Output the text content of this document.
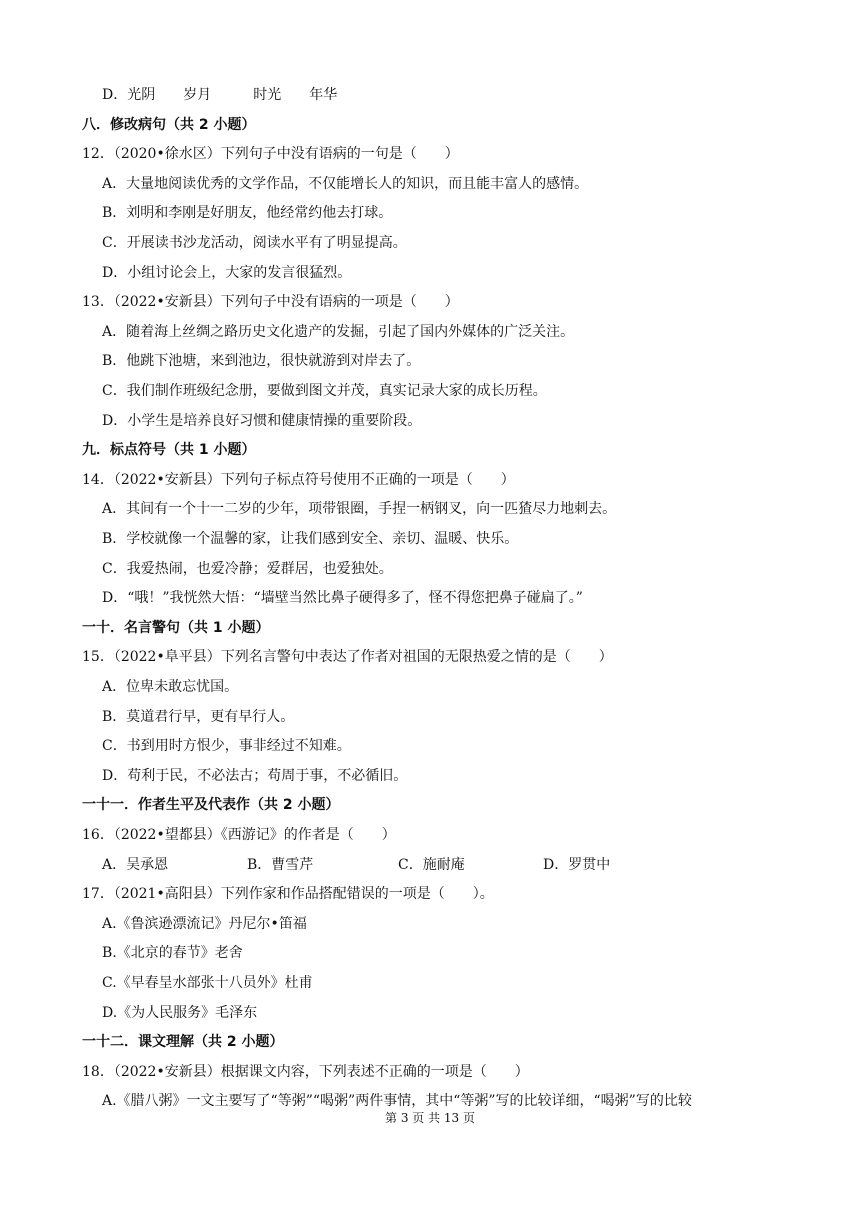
D．光阴　　岁月　　　时光　　年华
八．修改病句（共 2 小题）
12．（2020•徐水区）下列句子中没有语病的一句是（　　）
A．大量地阅读优秀的文学作品，不仅能增长人的知识，而且能丰富人的感情。
B．刘明和李刚是好朋友，他经常约他去打球。
C．开展读书沙龙活动，阅读水平有了明显提高。
D．小组讨论会上，大家的发言很猛烈。
13．（2022•安新县）下列句子中没有语病的一项是（　　）
A．随着海上丝绸之路历史文化遗产的发掘，引起了国内外媒体的广泛关注。
B．他跳下池塘，来到池边，很快就游到对岸去了。
C．我们制作班级纪念册，要做到图文并茂，真实记录大家的成长历程。
D．小学生是培养良好习惯和健康情操的重要阶段。
九．标点符号（共 1 小题）
14．（2022•安新县）下列句子标点符号使用不正确的一项是（　　）
A．其间有一个十一二岁的少年，项带银圈，手捏一柄钢叉，向一匹猹尽力地刺去。
B．学校就像一个温馨的家，让我们感到安全、亲切、温暖、快乐。
C．我爱热闹，也爱冷静；爱群居，也爱独处。
D．“哦！”我恍然大悟：“墙壁当然比鼻子硬得多了，怪不得您把鼻子碰扁了。”
一十．名言警句（共 1 小题）
15．（2022•阜平县）下列名言警句中表达了作者对祖国的无限热爱之情的是（　　）
A．位卑未敢忘忧国。
B．莫道君行早，更有早行人。
C．书到用时方恨少，事非经过不知难。
D．苟利于民，不必法古；苟周于事，不必循旧。
一十一．作者生平及代表作（共 2 小题）
16．（2022•望都县）《西游记》的作者是（　　）
A．吴承恩	B．曹雪芹	C．施耐庵	D．罗贯中
17．（2021•高阳县）下列作家和作品搭配错误的一项是（　　）。
A.《鲁滨逊漂流记》丹尼尔•笛福
B.《北京的春节》老舍
C.《早春呈水部张十八员外》杜甫
D.《为人民服务》毛泽东
一十二．课文理解（共 2 小题）
18．（2022•安新县）根据课文内容，下列表述不正确的一项是（　　）
A.《腊八粥》一文主要写了“等粥”“喝粥”两件事情，其中“等粥”写的比较详细，“喝粥”写的比较
第 3 页 共 13 页
